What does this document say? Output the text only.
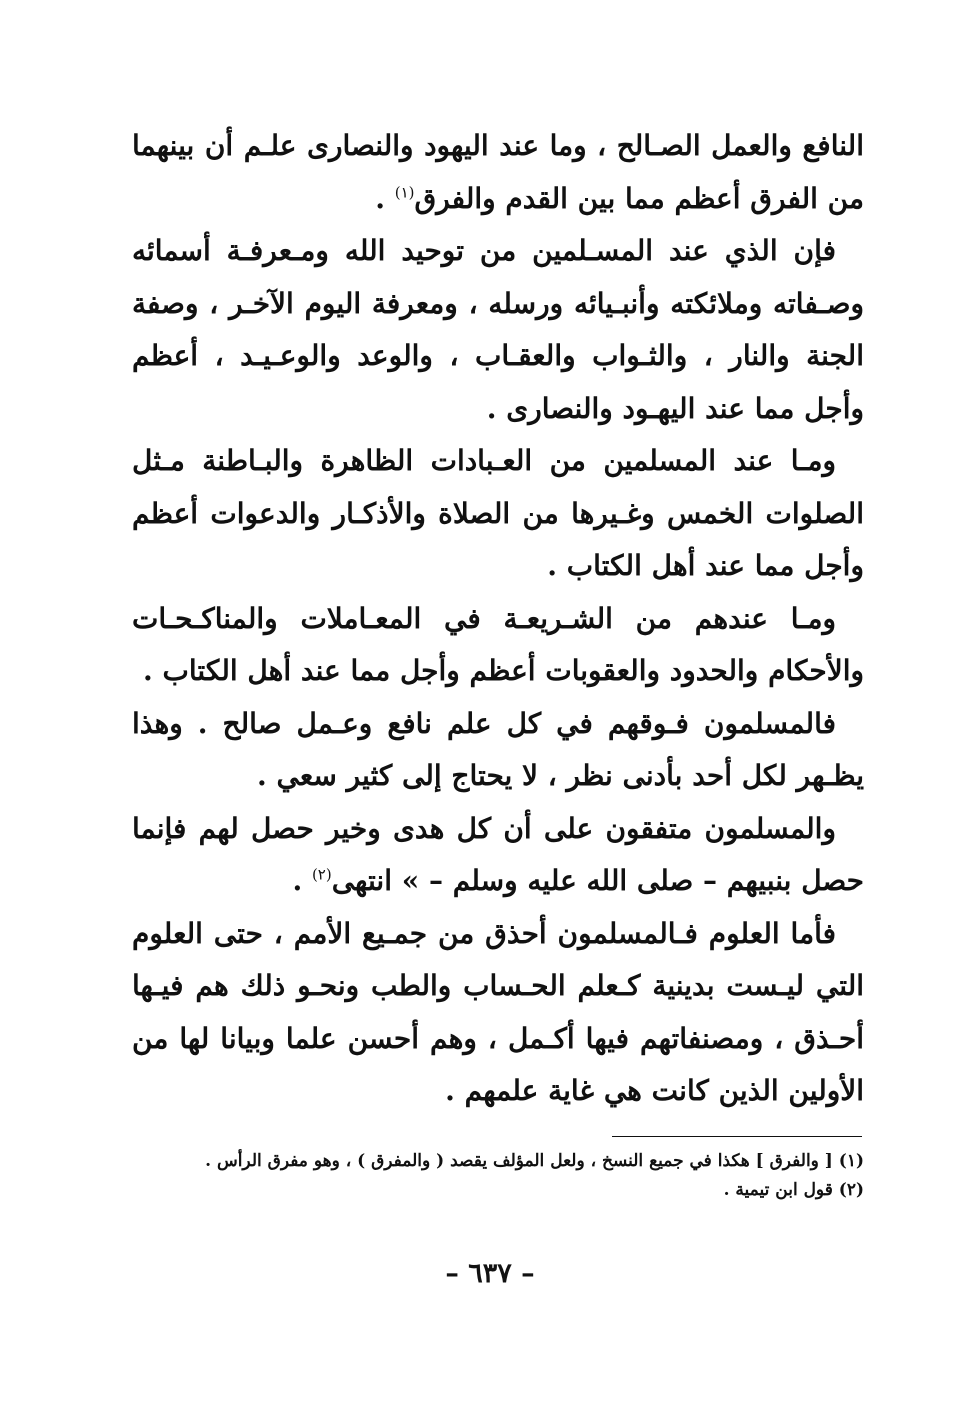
النافع والعمل الصـالح ، وما عند اليهود والنصارى علـم أن بينهما من الفرق أعظم مما بين القدم والفرق$^{(١)}$ .

فإن الذي عند المسـلمين من توحيد الله ومـعرفـة أسمائه وصـفاته وملائكته وأنبـيائه ورسله ، ومعرفة اليوم الآخـر ، وصفة الجنة والنار ، والثـواب والعقـاب ، والوعد والوعـيـد ، أعظم وأجل مما عند اليهـود والنصارى .

ومـا عند المسلمين من العـبادات الظاهرة والبـاطنة مـثل الصلوات الخمس وغـيرها من الصلاة والأذكـار والدعوات أعظم وأجل مما عند أهل الكتاب .

ومـا عندهم من الشـريعـة في المعـاملات والمناكـحـات والأحكام والحدود والعقوبات أعظم وأجل مما عند أهل الكتاب .

فالمسلمون فـوقهم في كل علم نافع وعـمل صالح . وهذا يظـهر لكل أحد بأدنى نظر ، لا يحتاج إلى كثير سعي .

والمسلمون متفقون على أن كل هدى وخير حصل لهم فإنما حصل بنبيهم – صلى الله عليه وسلم – » انتهى$^{(٢)}$ .

فأما العلوم فـالمسلمون أحذق من جمـيع الأمم ، حتى العلوم التي ليـست بدينية كـعلم الحـساب والطب ونحـو ذلك هم فيـها أحـذق ، ومصنفاتهم فيها أكـمل ، وهم أحسن علما وبيانا لها من الأولين الذين كانت هي غاية علمهم .

(١) [ والفرق ] هكذا في جميع النسخ ، ولعل المؤلف يقصد ( والمفرق ) ، وهو مفرق الرأس .

(٢) قول ابن تيمية .

– ٦٣٧ –
